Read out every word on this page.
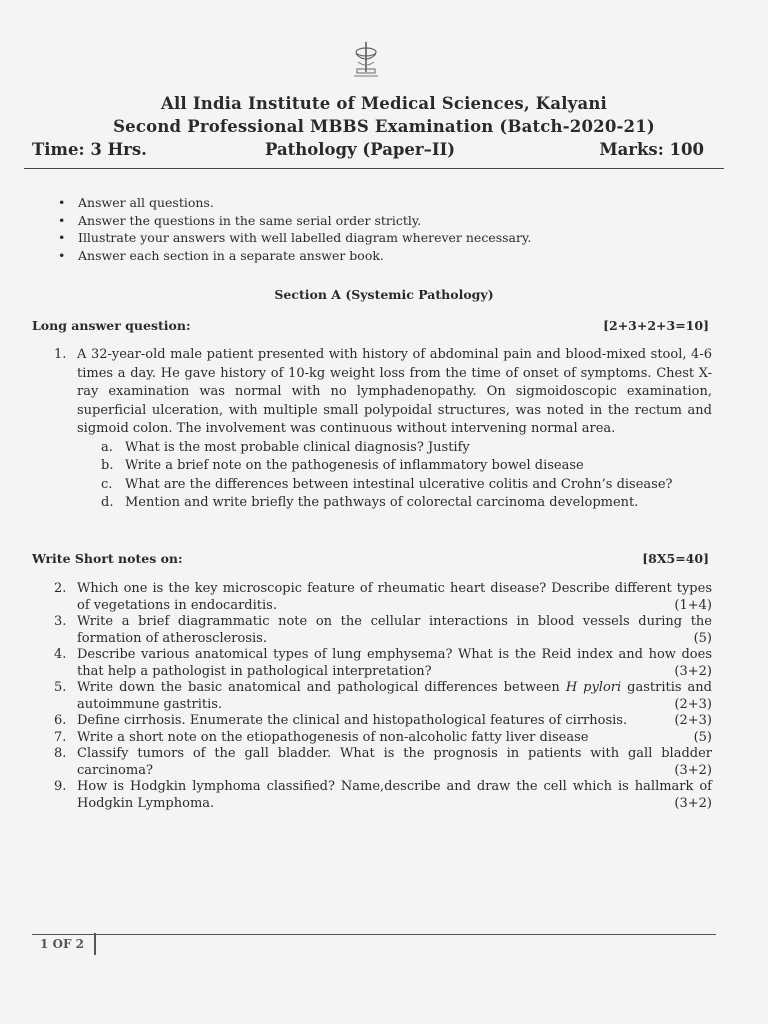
All India Institute of Medical Sciences, Kalyani
Second Professional MBBS Examination (Batch-2020-21)
Time: 3 Hrs.	Pathology (Paper–II)	Marks: 100
• Answer all questions.
• Answer the questions in the same serial order strictly.
• Illustrate your answers with well labelled diagram wherever necessary.
• Answer each section in a separate answer book.
Section A (Systemic Pathology)
Long answer question:	[2+3+2+3=10]
1. A 32-year-old male patient presented with history of abdominal pain and blood-mixed stool, 4-6 times a day. He gave history of 10-kg weight loss from the time of onset of symptoms. Chest X-ray examination was normal with no lymphadenopathy. On sigmoidoscopic examination, superficial ulceration, with multiple small polypoidal structures, was noted in the rectum and sigmoid colon. The involvement was continuous without intervening normal area.
a. What is the most probable clinical diagnosis? Justify
b. Write a brief note on the pathogenesis of inflammatory bowel disease
c. What are the differences between intestinal ulcerative colitis and Crohn’s disease?
d. Mention and write briefly the pathways of colorectal carcinoma development.
Write Short notes on:	[8X5=40]
2. Which one is the key microscopic feature of rheumatic heart disease? Describe different types of vegetations in endocarditis.	(1+4)
3. Write a brief diagrammatic note on the cellular interactions in blood vessels during the formation of atherosclerosis.	(5)
4. Describe various anatomical types of lung emphysema? What is the Reid index and how does that help a pathologist in pathological interpretation?	(3+2)
5. Write down the basic anatomical and pathological differences between H pylori gastritis and autoimmune gastritis.	(2+3)
6. Define cirrhosis. Enumerate the clinical and histopathological features of cirrhosis.	(2+3)
7. Write a short note on the etiopathogenesis of non-alcoholic fatty liver disease	(5)
8. Classify tumors of the gall bladder. What is the prognosis in patients with gall bladder carcinoma?	(3+2)
9. How is Hodgkin lymphoma classified? Name,describe and draw the cell which is hallmark of Hodgkin Lymphoma.	(3+2)
1 OF 2
